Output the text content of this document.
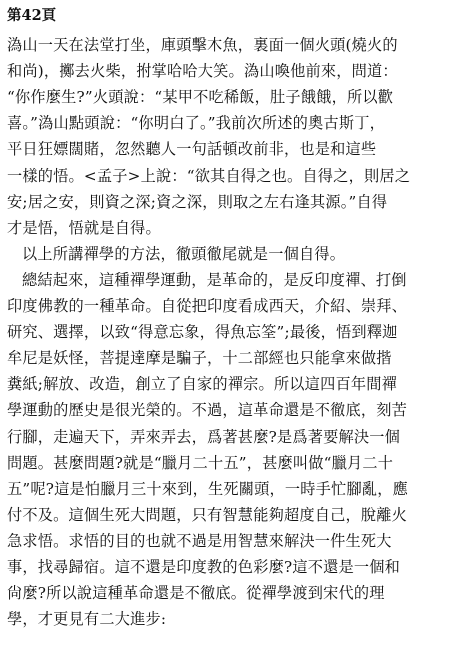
第42頁
溈山一天在法堂打坐，庫頭擊木魚，裏面一個火頭(燒火的
和尚)，擲去火柴，拊掌哈哈大笑。溈山喚他前來，問道：
“你作麼生?”火頭說：“某甲不吃稀飯，肚子餓餓，所以歡
喜。”溈山點頭說：“你明白了。”我前次所述的奧古斯丁，
平日狂嫖闊賭，忽然聽人一句話頓改前非，也是和這些
一樣的悟。<孟子>上說：“欲其自得之也。自得之，則居之
安;居之安，則資之深;資之深，則取之左右逢其源。”自得
才是悟，悟就是自得。
以上所講禪學的方法，徹頭徹尾就是一個自得。
總結起來，這種禪學運動，是革命的，是反印度禪、打倒
印度佛教的一種革命。自從把印度看成西天，介紹、崇拜、
研究、選擇，以致“得意忘象，得魚忘筌”;最後，悟到釋迦
牟尼是妖怪，菩提達摩是騙子，十二部經也只能拿來做揩
糞紙;解放、改造，創立了自家的禪宗。所以這四百年間禪
學運動的歷史是很光榮的。不過，這革命還是不徹底，刻苦
行腳，走遍天下，弄來弄去，爲著甚麼?是爲著要解決一個
問題。甚麼問題?就是“臘月二十五”，甚麼叫做“臘月二十
五”呢?這是怕臘月三十來到，生死關頭，一時手忙腳亂，應
付不及。這個生死大問題，只有智慧能夠超度自己，脫離火
急求悟。求悟的目的也就不過是用智慧來解決一件生死大
事，找尋歸宿。這不還是印度教的色彩麼?這不還是一個和
尙麼?所以說這種革命還是不徹底。從禪學渡到宋代的理
學，才更見有二大進步:
